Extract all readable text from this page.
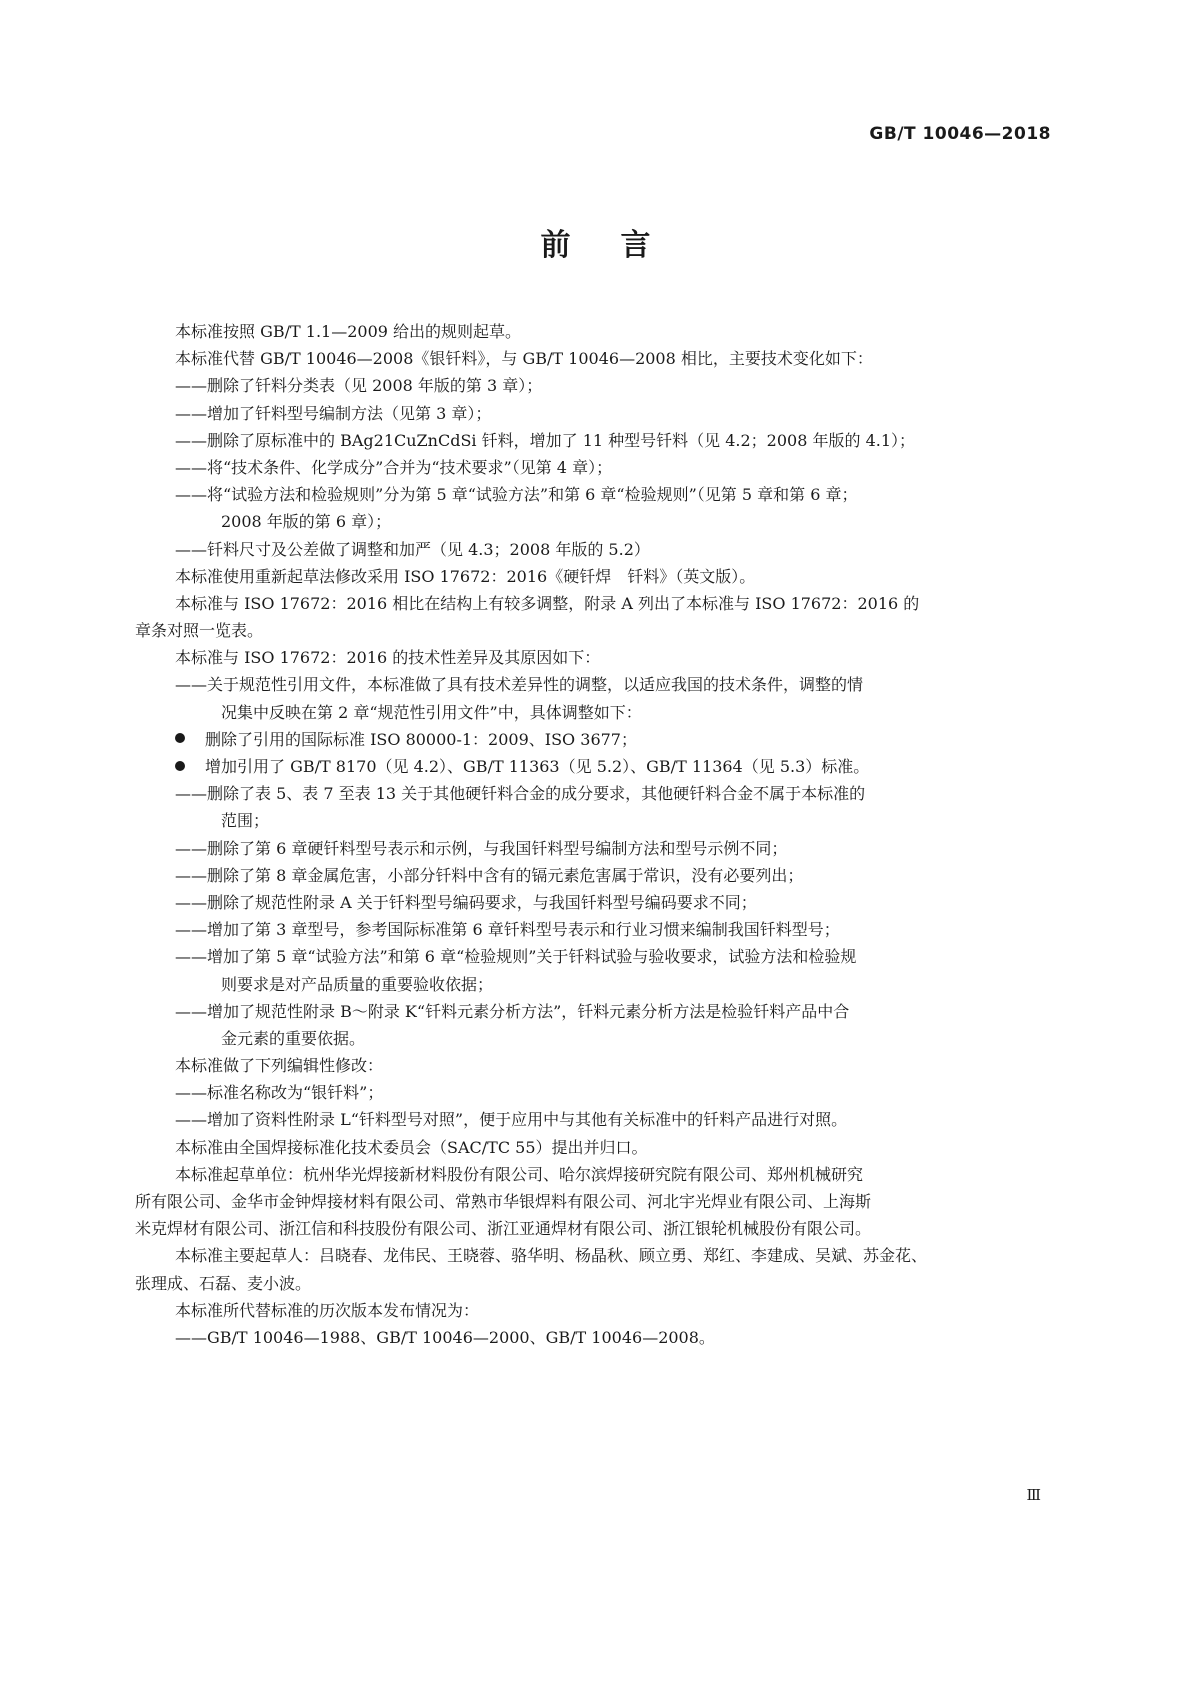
GB/T 10046—2018
前言
本标准按照 GB/T 1.1—2009 给出的规则起草。
本标准代替 GB/T 10046—2008《银钎料》，与 GB/T 10046—2008 相比，主要技术变化如下：
——删除了钎料分类表（见 2008 年版的第 3 章）；
——增加了钎料型号编制方法（见第 3 章）；
——删除了原标准中的 BAg21CuZnCdSi 钎料，增加了 11 种型号钎料（见 4.2；2008 年版的 4.1）；
——将“技术条件、化学成分”合并为“技术要求”（见第 4 章）；
——将“试验方法和检验规则”分为第 5 章“试验方法”和第 6 章“检验规则”（见第 5 章和第 6 章；
2008 年版的第 6 章）；
——钎料尺寸及公差做了调整和加严（见 4.3；2008 年版的 5.2）
本标准使用重新起草法修改采用 ISO 17672：2016《硬钎焊　钎料》（英文版）。
本标准与 ISO 17672：2016 相比在结构上有较多调整，附录 A 列出了本标准与 ISO 17672：2016 的
章条对照一览表。
本标准与 ISO 17672：2016 的技术性差异及其原因如下：
——关于规范性引用文件，本标准做了具有技术差异性的调整，以适应我国的技术条件，调整的情
况集中反映在第 2 章“规范性引用文件”中，具体调整如下：
删除了引用的国际标准 ISO 80000-1：2009、ISO 3677；
增加引用了 GB/T 8170（见 4.2）、GB/T 11363（见 5.2）、GB/T 11364（见 5.3）标准。
——删除了表 5、表 7 至表 13 关于其他硬钎料合金的成分要求，其他硬钎料合金不属于本标准的
范围；
——删除了第 6 章硬钎料型号表示和示例，与我国钎料型号编制方法和型号示例不同；
——删除了第 8 章金属危害，小部分钎料中含有的镉元素危害属于常识，没有必要列出；
——删除了规范性附录 A 关于钎料型号编码要求，与我国钎料型号编码要求不同；
——增加了第 3 章型号，参考国际标准第 6 章钎料型号表示和行业习惯来编制我国钎料型号；
——增加了第 5 章“试验方法”和第 6 章“检验规则”关于钎料试验与验收要求，试验方法和检验规
则要求是对产品质量的重要验收依据；
——增加了规范性附录 B～附录 K“钎料元素分析方法”，钎料元素分析方法是检验钎料产品中合
金元素的重要依据。
本标准做了下列编辑性修改：
——标准名称改为“银钎料”；
——增加了资料性附录 L“钎料型号对照”，便于应用中与其他有关标准中的钎料产品进行对照。
本标准由全国焊接标准化技术委员会（SAC/TC 55）提出并归口。
本标准起草单位：杭州华光焊接新材料股份有限公司、哈尔滨焊接研究院有限公司、郑州机械研究
所有限公司、金华市金钟焊接材料有限公司、常熟市华银焊料有限公司、河北宇光焊业有限公司、上海斯
米克焊材有限公司、浙江信和科技股份有限公司、浙江亚通焊材有限公司、浙江银轮机械股份有限公司。
本标准主要起草人：吕晓春、龙伟民、王晓蓉、骆华明、杨晶秋、顾立勇、郑红、李建成、吴斌、苏金花、
张理成、石磊、麦小波。
本标准所代替标准的历次版本发布情况为：
——GB/T 10046—1988、GB/T 10046—2000、GB/T 10046—2008。
Ⅲ
